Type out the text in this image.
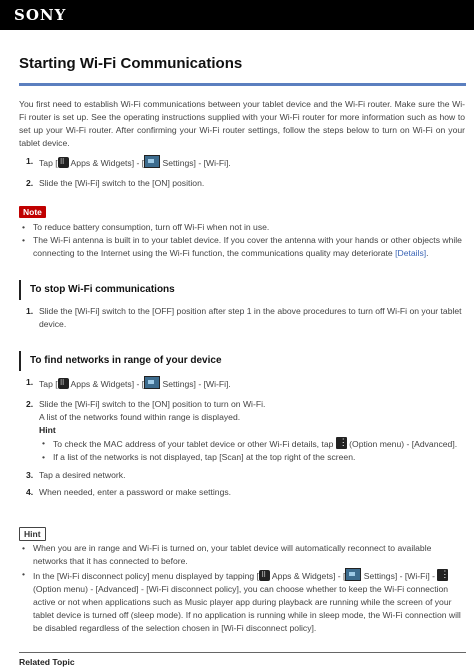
SONY
Starting Wi-Fi Communications

You first need to establish Wi-Fi communications between your tablet device and the Wi-Fi router. Make sure the Wi-Fi router is set up. See the operating instructions supplied with your Wi-Fi router for more information such as how to set up your Wi-Fi router. After confirming your Wi-Fi router settings, follow the steps below to turn on Wi-Fi on your tablet device.

1. Tap [⠿ Apps & Widgets] - [ Settings] - [Wi-Fi].
2. Slide the [Wi-Fi] switch to the [ON] position.
Note
• To reduce battery consumption, turn off Wi-Fi when not in use.
• The Wi-Fi antenna is built in to your tablet device. If you cover the antenna with your hands or other objects while connecting to the Internet using the Wi-Fi function, the communications quality may deteriorate [Details].
To stop Wi-Fi communications
1. Slide the [Wi-Fi] switch to the [OFF] position after step 1 in the above procedures to turn off Wi-Fi on your tablet device.
To find networks in range of your device
1. Tap [⠿ Apps & Widgets] - [ Settings] - [Wi-Fi].
2. Slide the [Wi-Fi] switch to the [ON] position to turn on Wi-Fi.
A list of the networks found within range is displayed.
Hint
• To check the MAC address of your tablet device or other Wi-Fi details, tap ⋮ (Option menu) - [Advanced].
• If a list of the networks is not displayed, tap [Scan] at the top right of the screen.
3. Tap a desired network.
4. When needed, enter a password or make settings.
Hint
• When you are in range and Wi-Fi is turned on, your tablet device will automatically reconnect to available networks that it has connected to before.
• In the [Wi-Fi disconnect policy] menu displayed by tapping [⠿ Apps & Widgets] - [ Settings] - [Wi-Fi] - ⋮ (Option menu) - [Advanced] - [Wi-Fi disconnect policy], you can choose whether to keep the Wi-Fi connection active or not when applications such as Music player app during playback are running while the screen of your tablet device is turned off (sleep mode). If no application is running while in sleep mode, the Wi-Fi connection will be disabled regardless of the selection chosen in [Wi-Fi disconnect policy].
Related Topic
